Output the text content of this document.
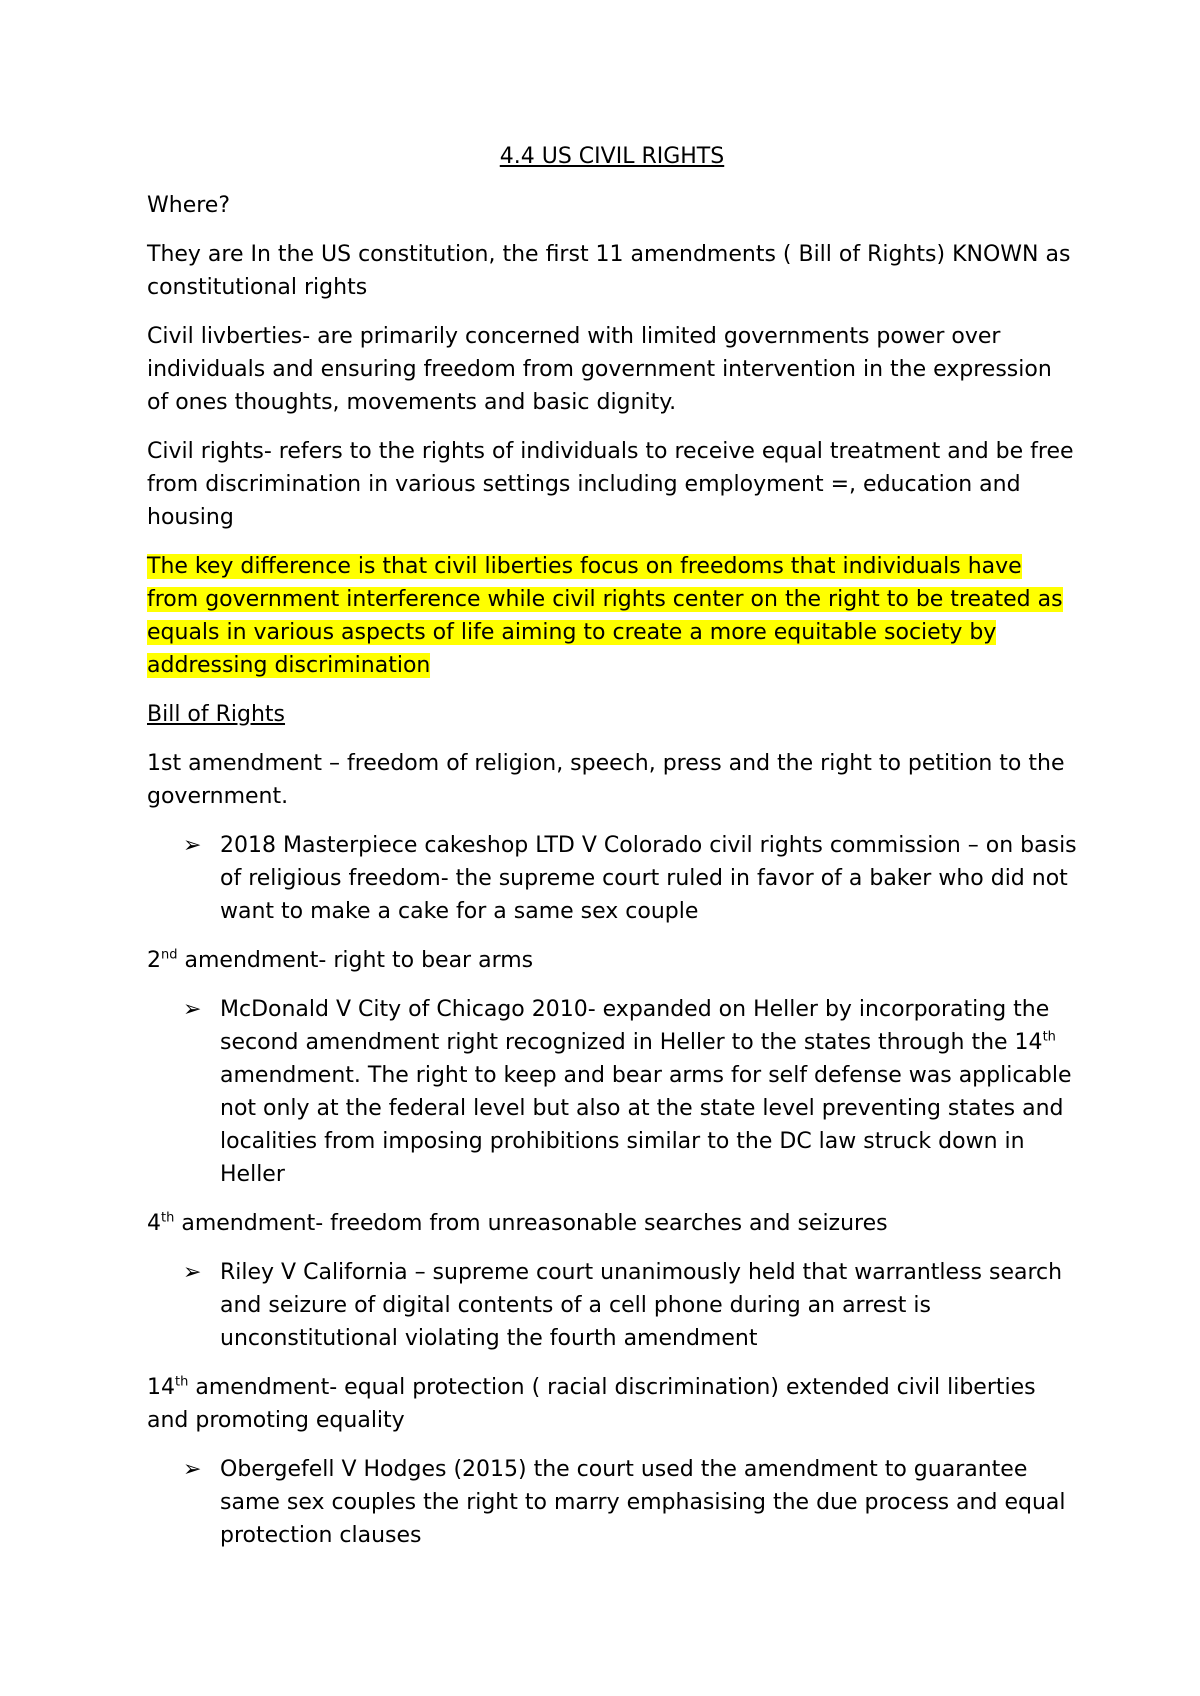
4.4 US CIVIL RIGHTS

Where?

They are In the US constitution, the first 11 amendments ( Bill of Rights) KNOWN as constitutional rights

Civil livberties- are primarily concerned with limited governments power over individuals and ensuring freedom from government intervention in the expression of ones thoughts, movements and basic dignity.

Civil rights- refers to the rights of individuals to receive equal treatment and be free from discrimination in various settings including employment =, education and housing

The key difference is that civil liberties focus on freedoms that individuals have from government interference while civil rights center on the right to be treated as equals in various aspects of life aiming to create a more equitable society by addressing discrimination

Bill of Rights

1st amendment – freedom of religion, speech, press and the right to petition to the government.

➢ 2018 Masterpiece cakeshop LTD V Colorado civil rights commission – on basis of religious freedom- the supreme court ruled in favor of a baker who did not want to make a cake for a same sex couple

2nd amendment- right to bear arms

➢ McDonald V City of Chicago 2010- expanded on Heller by incorporating the second amendment right recognized in Heller to the states through the 14th amendment. The right to keep and bear arms for self defense was applicable not only at the federal level but also at the state level preventing states and localities from imposing prohibitions similar to the DC law struck down in Heller

4th amendment- freedom from unreasonable searches and seizures

➢ Riley V California – supreme court unanimously held that warrantless search and seizure of digital contents of a cell phone during an arrest is unconstitutional violating the fourth amendment

14th amendment- equal protection ( racial discrimination) extended civil liberties and promoting equality

➢ Obergefell V Hodges (2015) the court used the amendment to guarantee same sex couples the right to marry emphasising the due process and equal protection clauses
